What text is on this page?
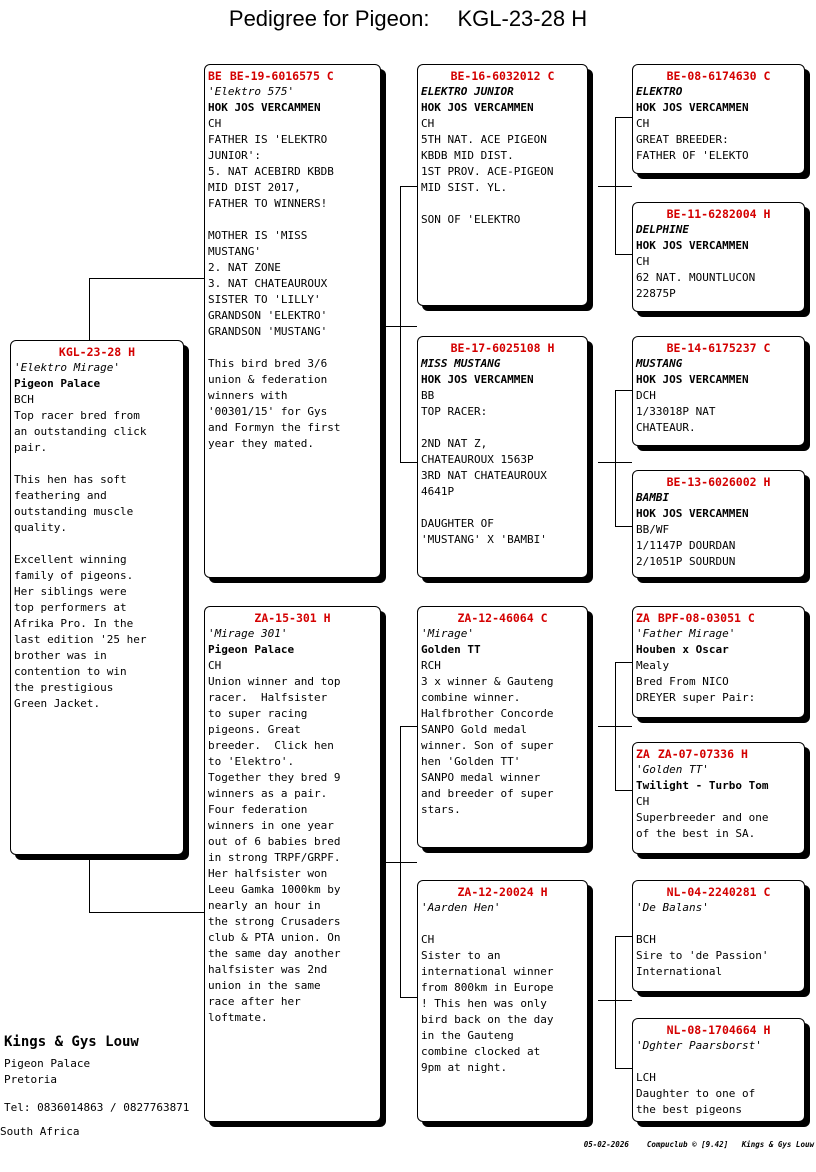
Pedigree for Pigeon: KGL-23-28 H
KGL-23-28 H
'Elektro Mirage'
Pigeon Palace
BCH
Top racer bred from
an outstanding click
pair.

This hen has soft
feathering and
outstanding muscle
quality.

Excellent winning
family of pigeons.
Her siblings were
top performers at
Afrika Pro. In the
last edition '25 her
brother was in
contention to win
the prestigious
Green Jacket.
BE BE-19-6016575 C
'Elektro 575'
HOK JOS VERCAMMEN
CH
FATHER IS 'ELEKTRO
JUNIOR':
5. NAT ACEBIRD KBDB
MID DIST 2017,
FATHER TO WINNERS!

MOTHER IS 'MISS
MUSTANG'
2. NAT ZONE
3. NAT CHATEAUROUX
SISTER TO 'LILLY'
GRANDSON 'ELEKTRO'
GRANDSON 'MUSTANG'

This bird bred 3/6
union & federation
winners with
'00301/15' for Gys
and Formyn the first
year they mated.
ZA-15-301 H
'Mirage 301'
Pigeon Palace
CH
Union winner and top
racer.  Halfsister
to super racing
pigeons. Great
breeder.  Click hen
to 'Elektro'.
Together they bred 9
winners as a pair.
Four federation
winners in one year
out of 6 babies bred
in strong TRPF/GRPF.
Her halfsister won
Leeu Gamka 1000km by
nearly an hour in
the strong Crusaders
club & PTA union. On
the same day another
halfsister was 2nd
union in the same
race after her
loftmate.
BE-16-6032012 C
ELEKTRO JUNIOR
HOK JOS VERCAMMEN
CH
5TH NAT. ACE PIGEON
KBDB MID DIST.
1ST PROV. ACE-PIGEON
MID SIST. YL.

SON OF 'ELEKTRO
BE-17-6025108 H
MISS MUSTANG
HOK JOS VERCAMMEN
BB
TOP RACER:

2ND NAT Z,
CHATEAUROUX 1563P
3RD NAT CHATEAUROUX
4641P

DAUGHTER OF
'MUSTANG' X 'BAMBI'
ZA-12-46064 C
'Mirage'
Golden TT
RCH
3 x winner & Gauteng
combine winner.
Halfbrother Concorde
SANPO Gold medal
winner. Son of super
hen 'Golden TT'
SANPO medal winner
and breeder of super
stars.
ZA-12-20024 H
'Aarden Hen'

CH
Sister to an
international winner
from 800km in Europe
! This hen was only
bird back on the day
in the Gauteng
combine clocked at
9pm at night.
BE-08-6174630 C
ELEKTRO
HOK JOS VERCAMMEN
CH
GREAT BREEDER:
FATHER OF 'ELEKTO
BE-11-6282004 H
DELPHINE
HOK JOS VERCAMMEN
CH
62 NAT. MOUNTLUCON
22875P
BE-14-6175237 C
MUSTANG
HOK JOS VERCAMMEN
DCH
1/33018P NAT
CHATEAUR.
BE-13-6026002 H
BAMBI
HOK JOS VERCAMMEN
BB/WF
1/1147P DOURDAN
2/1051P SOURDUN
ZA BPF-08-03051 C
'Father Mirage'
Houben x Oscar
Mealy
Bred From NICO
DREYER super Pair:
ZA ZA-07-07336 H
'Golden TT'
Twilight - Turbo Tom
CH
Superbreeder and one
of the best in SA.
NL-04-2240281 C
'De Balans'

BCH
Sire to 'de Passion'
International
NL-08-1704664 H
'Dghter Paarsborst'

LCH
Daughter to one of
the best pigeons
Kings & Gys Louw
Pigeon Palace
Pretoria
Tel: 0836014863 / 0827763871
South Africa
05-02-2026 Compuclub © [9.42] Kings & Gys Louw
